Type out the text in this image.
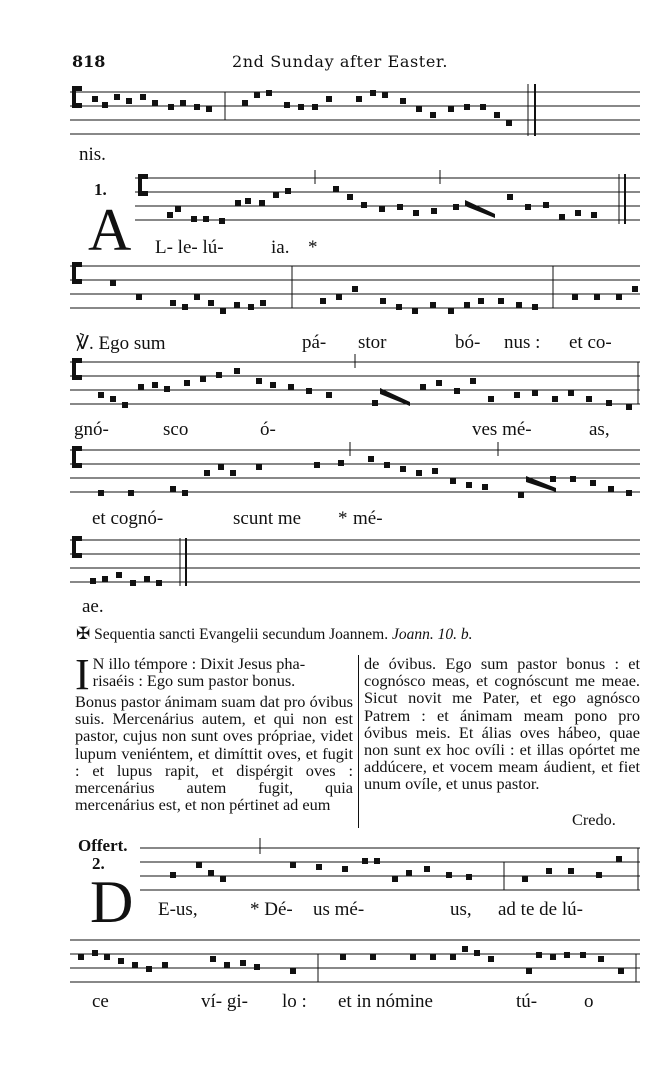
818	2nd Sunday after Easter.
nis.
1.
A L- le- lú- ia. *
℣. Ego sum	pá- stor	bó- nus : et co-
gnó-	sco	ó-	ves mé-	as,
et cognó-	scunt me * mé-
ae.
✠ Sequentia sancti Evangelii secundum Joannem. Joann. 10. b.
I N illo témpore : Dixit Jesus pha-

risaéis : Ego sum pastor bonus.

Bonus pastor ánimam suam dat pro óvibus suis. Mercenárius autem, et qui non est pastor, cujus non sunt oves própriae, videt lupum veniéntem, et dimíttit oves, et fugit : et lupus rapit, et dispérgit oves : mercenárius autem fugit, quia mercenárius est, et non pértinet ad eum

de óvibus. Ego sum pastor bonus : et cognósco meas, et cognóscunt me meae. Sicut novit me Pater, et ego agnósco Patrem : et ánimam meam pono pro óvibus meis. Et álias oves hábeo, quae non sunt ex hoc ovíli : et illas opórtet me addúcere, et vocem meam áudient, et fiet unum ovíle, et unus pastor.

Credo.
Offert.
2.
D E-us,	* Dé- us mé-	us, ad te de lú-
ce	ví- gi- lo : et in nómine	tú- o
